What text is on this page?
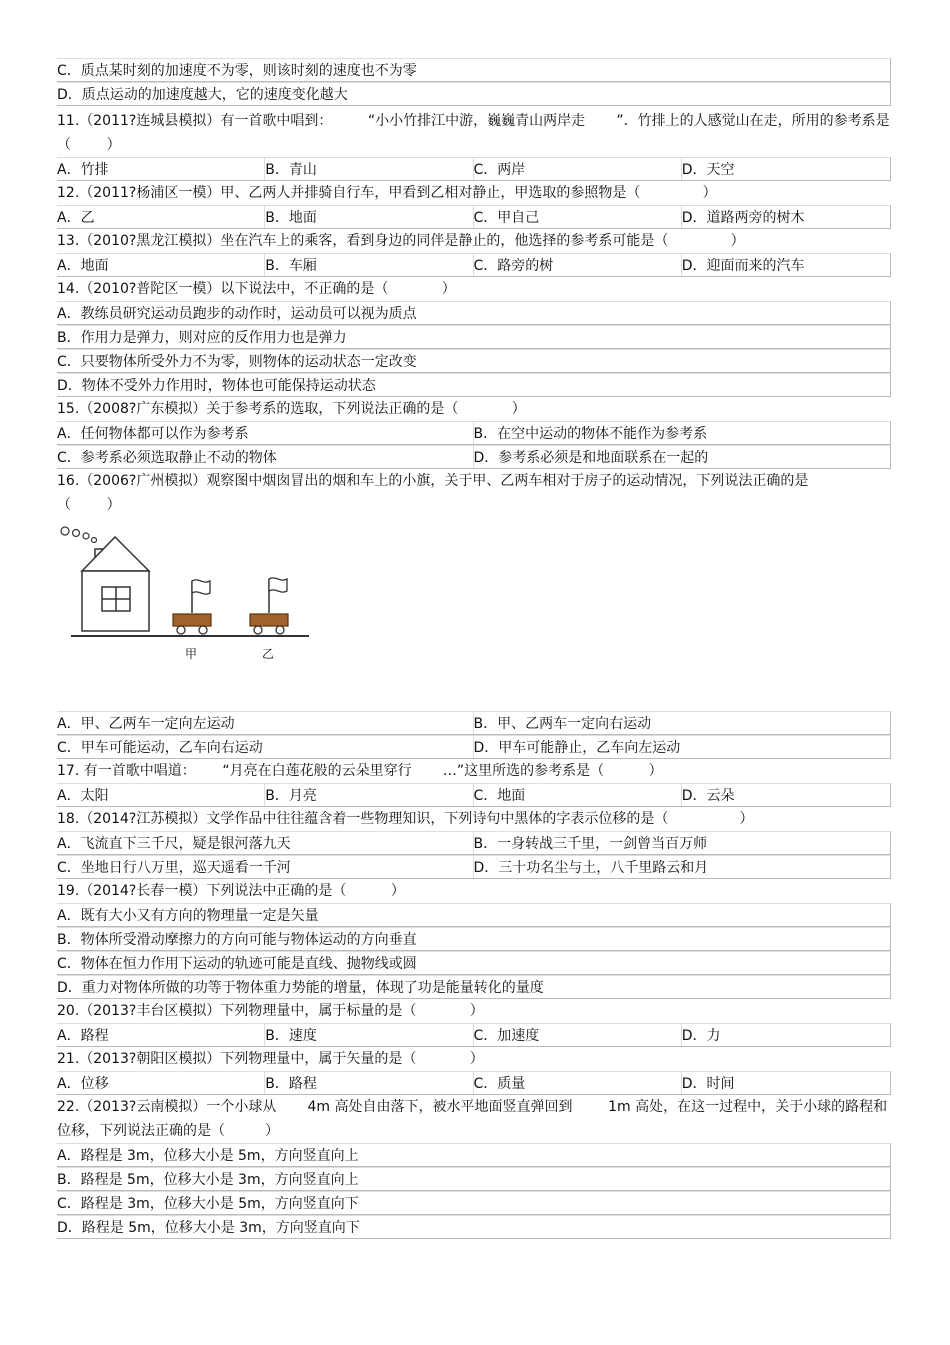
C．质点某时刻的加速度不为零，则该时刻的速度也不为零
D．质点运动的加速度越大，它的速度变化越大

11.（2011?连城县模拟）有一首歌中唱到：        “小小竹排江中游，巍巍青山两岸走       ”．竹排上的人感觉山在走，所用的参考系是（        ）

A．竹排	B．青山	C．两岸	D．天空

12.（2011?杨浦区一模）甲、乙两人并排骑自行车，甲看到乙相对静止，甲选取的参照物是（              ）

A．乙	B．地面	C．甲自己	D．道路两旁的树木

13.（2010?黑龙江模拟）坐在汽车上的乘客，看到身边的同伴是静止的，他选择的参考系可能是（              ）

A．地面	B．车厢	C．路旁的树	D．迎面而来的汽车

14.（2010?普陀区一模）以下说法中，不正确的是（            ）

A．教练员研究运动员跑步的动作时，运动员可以视为质点
B．作用力是弹力，则对应的反作用力也是弹力
C．只要物体所受外力不为零，则物体的运动状态一定改变
D．物体不受外力作用时，物体也可能保持运动状态

15.（2008?广东模拟）关于参考系的选取，下列说法正确的是（            ）

A．任何物体都可以作为参考系	B．在空中运动的物体不能作为参考系
C．参考系必须选取静止不动的物体	D．参考系必须是和地面联系在一起的

16.（2006?广州模拟）观察图中烟囱冒出的烟和车上的小旗，关于甲、乙两车相对于房子的运动情况，下列说法正确的是（        ）

甲	乙
A．甲、乙两车一定向左运动	B．甲、乙两车一定向右运动
C．甲车可能运动，乙车向右运动	D．甲车可能静止，乙车向左运动

17. 有一首歌中唱道：      “月亮在白莲花般的云朵里穿行       …”这里所选的参考系是（          ）

A．太阳	B．月亮	C．地面	D．云朵

18.（2014?江苏模拟）文学作品中往往蕴含着一些物理知识，下列诗句中黑体的字表示位移的是（                ）

A．飞流直下三千尺，疑是银河落九天	B．一身转战三千里，一剑曾当百万师
C．坐地日行八万里，巡天遥看一千河	D．三十功名尘与土，八千里路云和月

19.（2014?长春一模）下列说法中正确的是（          ）

A．既有大小又有方向的物理量一定是矢量
B．物体所受滑动摩擦力的方向可能与物体运动的方向垂直
C．物体在恒力作用下运动的轨迹可能是直线、抛物线或圆
D．重力对物体所做的功等于物体重力势能的增量，体现了功是能量转化的量度

20.（2013?丰台区模拟）下列物理量中，属于标量的是（            ）

A．路程	B．速度	C．加速度	D．力

21.（2013?朝阳区模拟）下列物理量中，属于矢量的是（            ）

A．位移	B．路程	C．质量	D．时间

22.（2013?云南模拟）一个小球从       4m 高处自由落下，被水平地面竖直弹回到        1m 高处，在这一过程中，关于小球的路程和位移，下列说法正确的是（         ）

A．路程是 3m，位移大小是 5m，方向竖直向上
B．路程是 5m，位移大小是 3m，方向竖直向上
C．路程是 3m，位移大小是 5m，方向竖直向下
D．路程是 5m，位移大小是 3m，方向竖直向下
